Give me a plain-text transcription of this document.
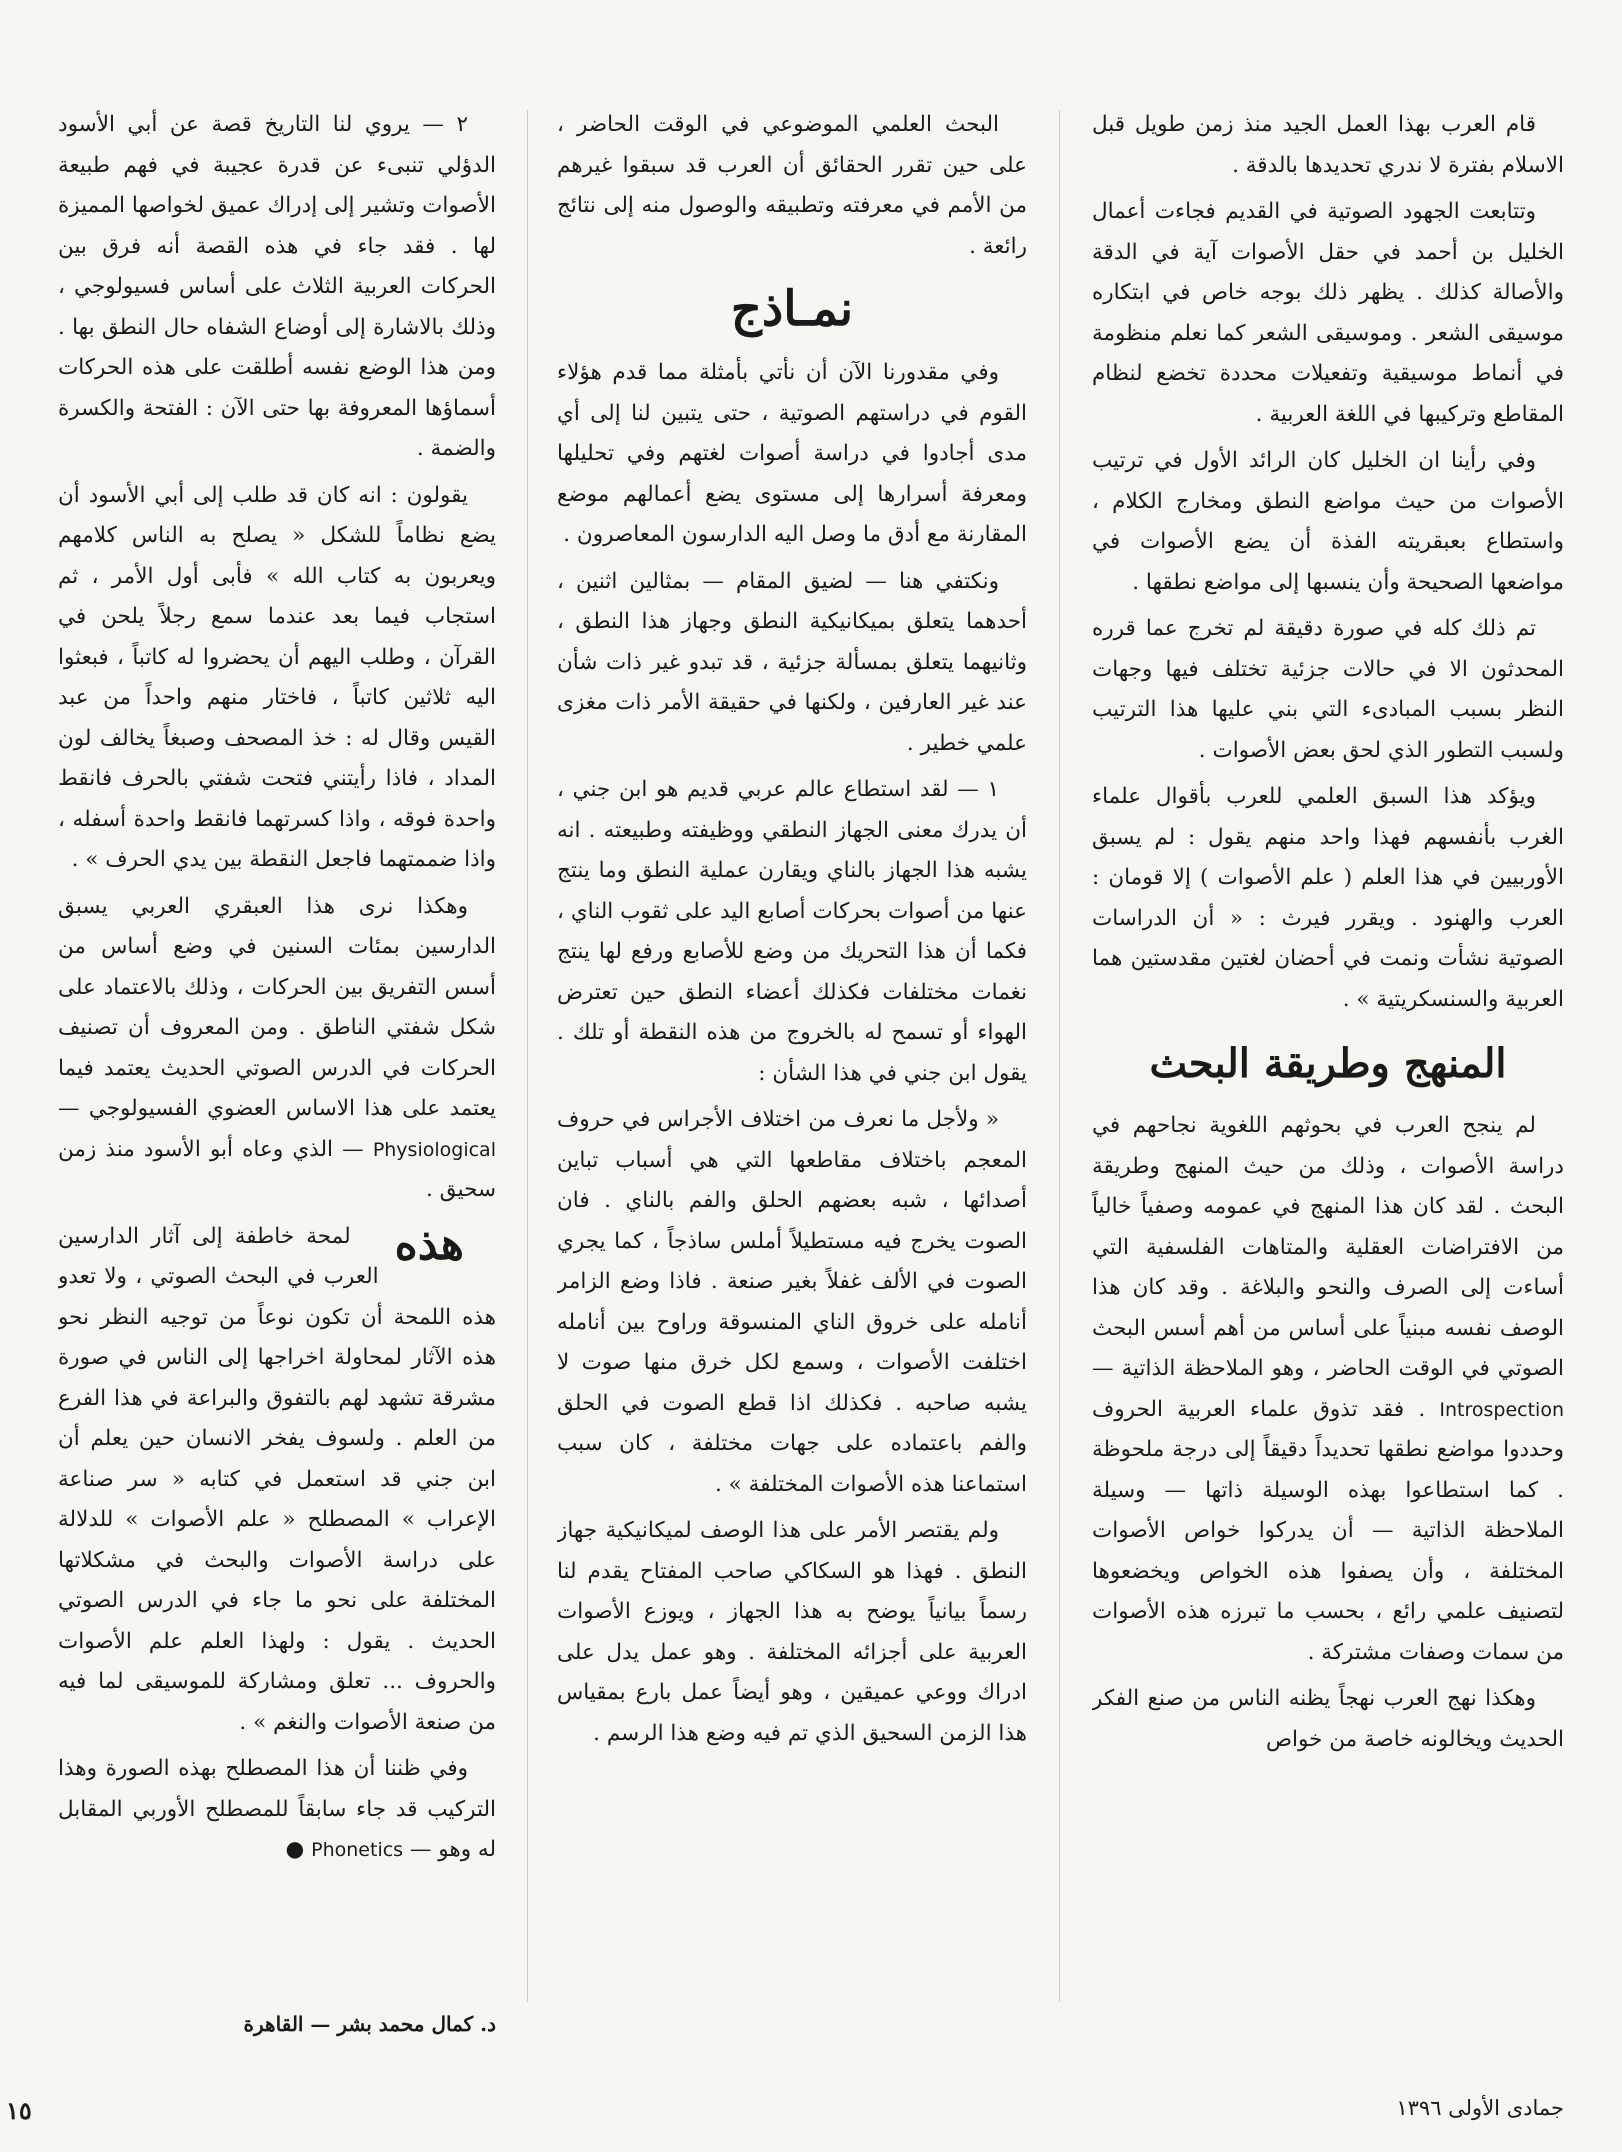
قام العرب بهذا العمل الجيد منذ زمن طويل قبل الاسلام بفترة لا ندري تحديدها بالدقة .

وتتابعت الجهود الصوتية في القديم فجاءت أعمال الخليل بن أحمد في حقل الأصوات آية في الدقة والأصالة كذلك . يظهر ذلك بوجه خاص في ابتكاره موسيقى الشعر . وموسيقى الشعر كما نعلم منظومة في أنماط موسيقية وتفعيلات محددة تخضع لنظام المقاطع وتركيبها في اللغة العربية .

وفي رأينا ان الخليل كان الرائد الأول في ترتيب الأصوات من حيث مواضع النطق ومخارج الكلام ، واستطاع بعبقريته الفذة أن يضع الأصوات في مواضعها الصحيحة وأن ينسبها إلى مواضع نطقها .

تم ذلك كله في صورة دقيقة لم تخرج عما قرره المحدثون الا في حالات جزئية تختلف فيها وجهات النظر بسبب المبادىء التي بني عليها هذا الترتيب ولسبب التطور الذي لحق بعض الأصوات .

ويؤكد هذا السبق العلمي للعرب بأقوال علماء الغرب بأنفسهم فهذا واحد منهم يقول : لم يسبق الأوربيين في هذا العلم ( علم الأصوات ) إلا قومان : العرب والهنود . ويقرر فيرث : « أن الدراسات الصوتية نشأت ونمت في أحضان لغتين مقدستين هما العربية والسنسكريتية » .

المنهج وطريقة البحث

لم ينجح العرب في بحوثهم اللغوية نجاحهم في دراسة الأصوات ، وذلك من حيث المنهج وطريقة البحث . لقد كان هذا المنهج في عمومه وصفياً خالياً من الافتراضات العقلية والمتاهات الفلسفية التي أساءت إلى الصرف والنحو والبلاغة . وقد كان هذا الوصف نفسه مبنياً على أساس من أهم أسس البحث الصوتي في الوقت الحاضر ، وهو الملاحظة الذاتية — Introspection . فقد تذوق علماء العربية الحروف وحددوا مواضع نطقها تحديداً دقيقاً إلى درجة ملحوظة . كما استطاعوا بهذه الوسيلة ذاتها — وسيلة الملاحظة الذاتية — أن يدركوا خواص الأصوات المختلفة ، وأن يصفوا هذه الخواص ويخضعوها لتصنيف علمي رائع ، بحسب ما تبرزه هذه الأصوات من سمات وصفات مشتركة .

وهكذا نهج العرب نهجاً يظنه الناس من صنع الفكر الحديث ويخالونه خاصة من خواص

البحث العلمي الموضوعي في الوقت الحاضر ، على حين تقرر الحقائق أن العرب قد سبقوا غيرهم من الأمم في معرفته وتطبيقه والوصول منه إلى نتائج رائعة .

نمـاذج

وفي مقدورنا الآن أن نأتي بأمثلة مما قدم هؤلاء القوم في دراستهم الصوتية ، حتى يتبين لنا إلى أي مدى أجادوا في دراسة أصوات لغتهم وفي تحليلها ومعرفة أسرارها إلى مستوى يضع أعمالهم موضع المقارنة مع أدق ما وصل اليه الدارسون المعاصرون .

ونكتفي هنا — لضيق المقام — بمثالين اثنين ، أحدهما يتعلق بميكانيكية النطق وجهاز هذا النطق ، وثانيهما يتعلق بمسألة جزئية ، قد تبدو غير ذات شأن عند غير العارفين ، ولكنها في حقيقة الأمر ذات مغزى علمي خطير .

١ — لقد استطاع عالم عربي قديم هو ابن جني ، أن يدرك معنى الجهاز النطقي ووظيفته وطبيعته . انه يشبه هذا الجهاز بالناي ويقارن عملية النطق وما ينتج عنها من أصوات بحركات أصابع اليد على ثقوب الناي ، فكما أن هذا التحريك من وضع للأصابع ورفع لها ينتج نغمات مختلفات فكذلك أعضاء النطق حين تعترض الهواء أو تسمح له بالخروج من هذه النقطة أو تلك . يقول ابن جني في هذا الشأن :

« ولأجل ما نعرف من اختلاف الأجراس في حروف المعجم باختلاف مقاطعها التي هي أسباب تباين أصدائها ، شبه بعضهم الحلق والفم بالناي . فان الصوت يخرج فيه مستطيلاً أملس ساذجاً ، كما يجري الصوت في الألف غفلاً بغير صنعة . فاذا وضع الزامر أنامله على خروق الناي المنسوقة وراوح بين أنامله اختلفت الأصوات ، وسمع لكل خرق منها صوت لا يشبه صاحبه . فكذلك اذا قطع الصوت في الحلق والفم باعتماده على جهات مختلفة ، كان سبب استماعنا هذه الأصوات المختلفة » .

ولم يقتصر الأمر على هذا الوصف لميكانيكية جهاز النطق . فهذا هو السكاكي صاحب المفتاح يقدم لنا رسماً بيانياً يوضح به هذا الجهاز ، ويوزع الأصوات العربية على أجزائه المختلفة . وهو عمل يدل على ادراك ووعي عميقين ، وهو أيضاً عمل بارع بمقياس هذا الزمن السحيق الذي تم فيه وضع هذا الرسم .

٢ — يروي لنا التاريخ قصة عن أبي الأسود الدؤلي تنبىء عن قدرة عجيبة في فهم طبيعة الأصوات وتشير إلى إدراك عميق لخواصها المميزة لها . فقد جاء في هذه القصة أنه فرق بين الحركات العربية الثلاث على أساس فسيولوجي ، وذلك بالاشارة إلى أوضاع الشفاه حال النطق بها . ومن هذا الوضع نفسه أطلقت على هذه الحركات أسماؤها المعروفة بها حتى الآن : الفتحة والكسرة والضمة .

يقولون : انه كان قد طلب إلى أبي الأسود أن يضع نظاماً للشكل « يصلح به الناس كلامهم ويعربون به كتاب الله » فأبى أول الأمر ، ثم استجاب فيما بعد عندما سمع رجلاً يلحن في القرآن ، وطلب اليهم أن يحضروا له كاتباً ، فبعثوا اليه ثلاثين كاتباً ، فاختار منهم واحداً من عبد القيس وقال له : خذ المصحف وصبغاً يخالف لون المداد ، فاذا رأيتني فتحت شفتي بالحرف فانقط واحدة فوقه ، واذا كسرتهما فانقط واحدة أسفله ، واذا ضممتهما فاجعل النقطة بين يدي الحرف » .

وهكذا نرى هذا العبقري العربي يسبق الدارسين بمئات السنين في وضع أساس من أسس التفريق بين الحركات ، وذلك بالاعتماد على شكل شفتي الناطق . ومن المعروف أن تصنيف الحركات في الدرس الصوتي الحديث يعتمد فيما يعتمد على هذا الاساس العضوي الفسيولوجي — Physiological — الذي وعاه أبو الأسود منذ زمن سحيق .

هذه
لمحة خاطفة إلى آثار الدارسين العرب في البحث الصوتي ، ولا تعدو هذه اللمحة أن تكون نوعاً من توجيه النظر نحو هذه الآثار لمحاولة اخراجها إلى الناس في صورة مشرقة تشهد لهم بالتفوق والبراعة في هذا الفرع من العلم . ولسوف يفخر الانسان حين يعلم أن ابن جني قد استعمل في كتابه « سر صناعة الإعراب » المصطلح « علم الأصوات » للدلالة على دراسة الأصوات والبحث في مشكلاتها المختلفة على نحو ما جاء في الدرس الصوتي الحديث . يقول : ولهذا العلم علم الأصوات والحروف ... تعلق ومشاركة للموسيقى لما فيه من صنعة الأصوات والنغم » .

وفي ظننا أن هذا المصطلح بهذه الصورة وهذا التركيب قد جاء سابقاً للمصطلح الأوربي المقابل له وهو — Phonetics ●

د. كمال محمد بشر — القاهرة
جمادى الأولى ١٣٩٦
١٥
